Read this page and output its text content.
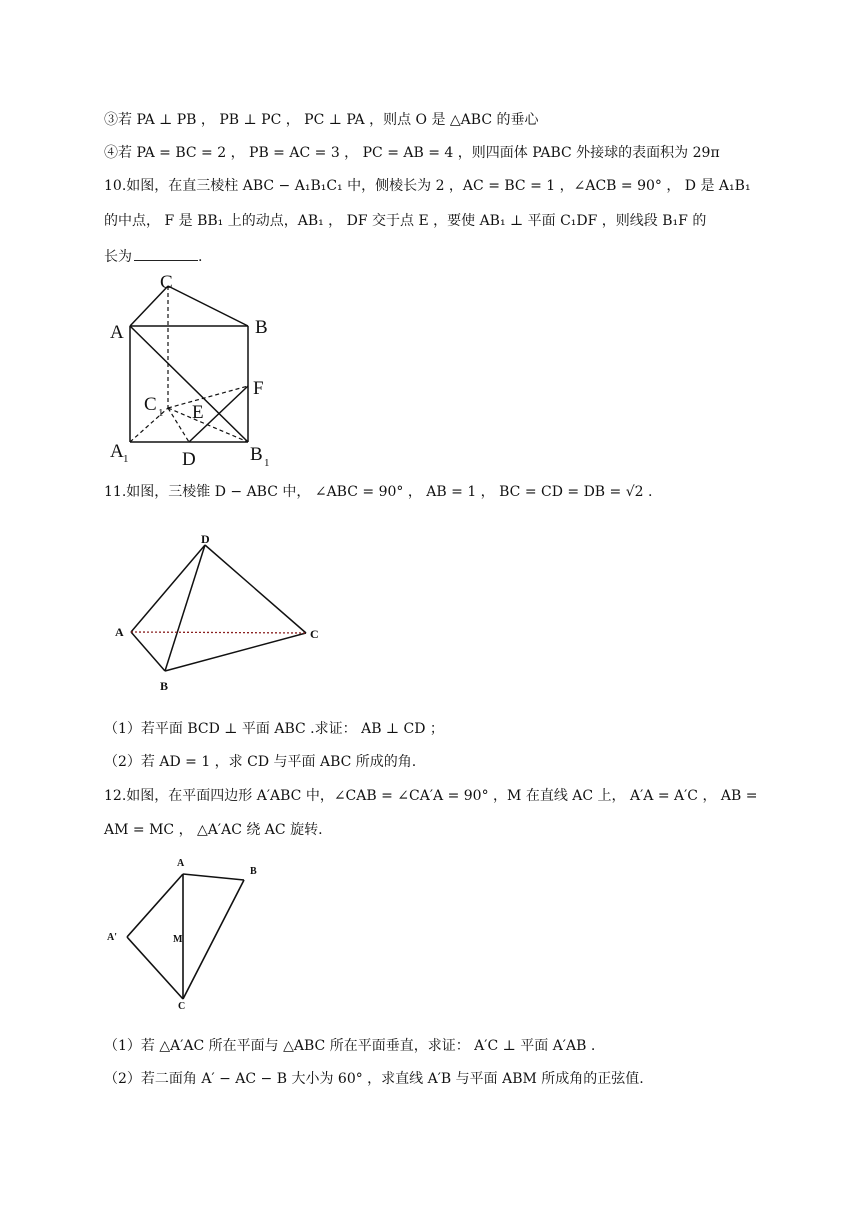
③若 PA ⊥ PB ， PB ⊥ PC ， PC ⊥ PA ，则点 O 是 △ABC 的垂心
④若 PA = BC = 2 ， PB = AC = 3 ， PC = AB = 4 ，则四面体 PABC 外接球的表面积为 29π
10.如图，在直三棱柱 ABC − A₁B₁C₁ 中，侧棱长为 2 ，AC = BC = 1 ，∠ACB = 90° ， D 是 A₁B₁
的中点， F 是 BB₁ 上的动点，AB₁ ， DF 交于点 E ，要使 AB₁ ⊥ 平面 C₁DF ，则线段 B₁F 的
长为	.
C
A	B
F
C 1 E
A 1	D	B 1
11.如图，三棱锥 D − ABC 中， ∠ABC = 90° ， AB = 1 ， BC = CD = DB = √2 .
D
A
B
C
（1）若平面 BCD ⊥ 平面 ABC .求证： AB ⊥ CD ；
（2）若 AD = 1 ，求 CD 与平面 ABC 所成的角.
12.如图，在平面四边形 A′ABC 中，∠CAB = ∠CA′A = 90° ，M 在直线 AC 上， A′A = A′C ， AB =
AM = MC ， △A′AC 绕 AC 旋转.
A
B
A'	M
C
（1）若 △A′AC 所在平面与 △ABC 所在平面垂直，求证： A′C ⊥ 平面 A′AB .
（2）若二面角 A′ − AC − B 大小为 60° ，求直线 A′B 与平面 ABM 所成角的正弦值.
